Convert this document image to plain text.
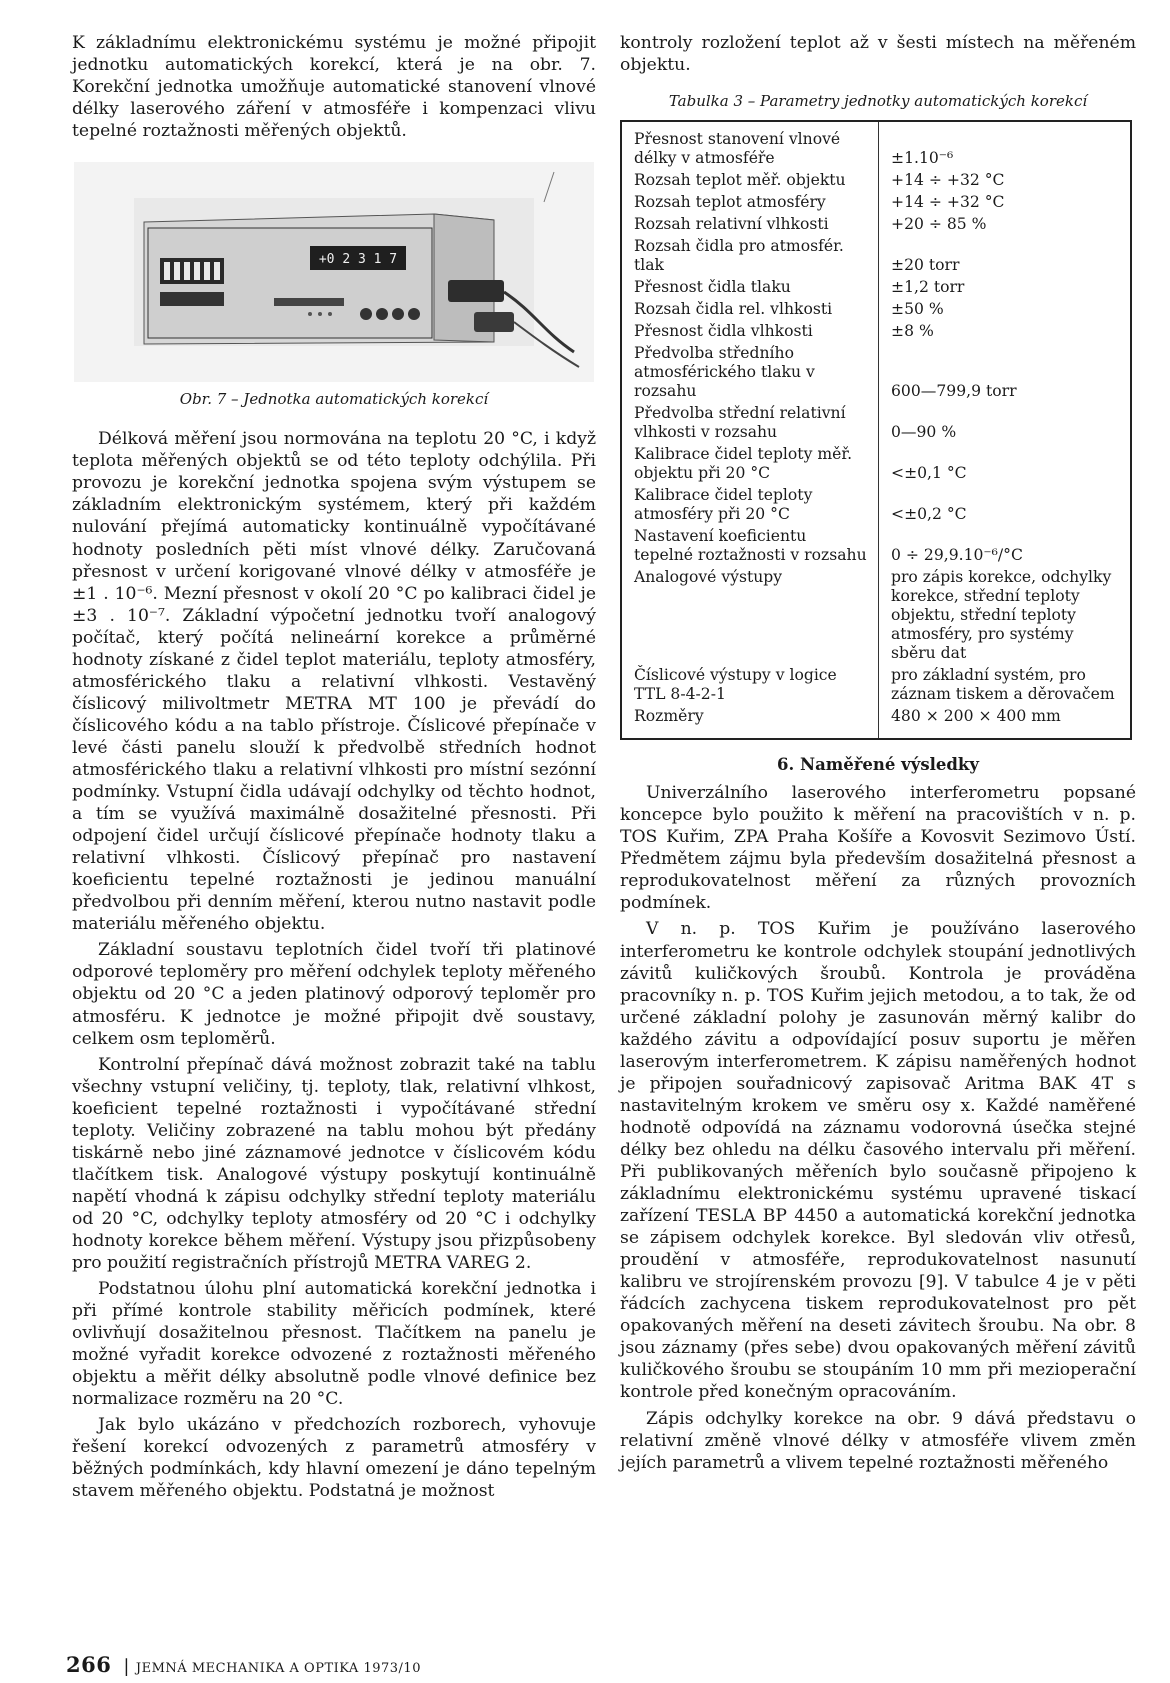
K základnímu elektronickému systému je možné připojit jednotku automatických korekcí, která je na obr. 7. Korekční jednotka umožňuje automatické stanovení vlnové délky laserového záření v atmosféře i kompenzaci vlivu tepelné roztažnosti měřených objektů.

+0 2 3 1 7
Obr. 7 – Jednotka automatických korekcí

Délková měření jsou normována na teplotu 20 °C, i když teplota měřených objektů se od této teploty odchýlila. Při provozu je korekční jednotka spojena svým výstupem se základním elektronickým systémem, který při každém nulování přejímá automaticky kontinuálně vypočítávané hodnoty posledních pěti míst vlnové délky. Zaručovaná přesnost v určení korigované vlnové délky v atmosféře je ±1 . 10⁻⁶. Mezní přesnost v okolí 20 °C po kalibraci čidel je ±3 . 10⁻⁷. Základní výpočetní jednotku tvoří analogový počítač, který počítá nelineární korekce a průměrné hodnoty získané z čidel teplot materiálu, teploty atmosféry, atmosférického tlaku a relativní vlhkosti. Vestavěný číslicový milivoltmetr METRA MT 100 je převádí do číslicového kódu a na tablo přístroje. Číslicové přepínače v levé části panelu slouží k předvolbě středních hodnot atmosférického tlaku a relativní vlhkosti pro místní sezónní podmínky. Vstupní čidla udávají odchylky od těchto hodnot, a tím se využívá maximálně dosažitelné přesnosti. Při odpojení čidel určují číslicové přepínače hodnoty tlaku a relativní vlhkosti. Číslicový přepínač pro nastavení koeficientu tepelné roztažnosti je jedinou manuální předvolbou při denním měření, kterou nutno nastavit podle materiálu měřeného objektu.

Základní soustavu teplotních čidel tvoří tři platinové odporové teploměry pro měření odchylek teploty měřeného objektu od 20 °C a jeden platinový odporový teploměr pro atmosféru. K jednotce je možné připojit dvě soustavy, celkem osm teploměrů.

Kontrolní přepínač dává možnost zobrazit také na tablu všechny vstupní veličiny, tj. teploty, tlak, relativní vlhkost, koeficient tepelné roztažnosti i vypočítávané střední teploty. Veličiny zobrazené na tablu mohou být předány tiskárně nebo jiné záznamové jednotce v číslicovém kódu tlačítkem tisk. Analogové výstupy poskytují kontinuálně napětí vhodná k zápisu odchylky střední teploty materiálu od 20 °C, odchylky teploty atmosféry od 20 °C i odchylky hodnoty korekce během měření. Výstupy jsou přizpůsobeny pro použití registračních přístrojů METRA VAREG 2.

Podstatnou úlohu plní automatická korekční jednotka i při přímé kontrole stability měřicích podmínek, které ovlivňují dosažitelnou přesnost. Tlačítkem na panelu je možné vyřadit korekce odvozené z roztažnosti měřeného objektu a měřit délky absolutně podle vlnové definice bez normalizace rozměru na 20 °C.

Jak bylo ukázáno v předchozích rozborech, vyhovuje řešení korekcí odvozených z parametrů atmosféry v běžných podmínkách, kdy hlavní omezení je dáno tepelným stavem měřeného objektu. Podstatná je možnost

kontroly rozložení teplot až v šesti místech na měřeném objektu.

Tabulka 3 – Parametry jednotky automatických korekcí
Přesnost stanovení vlnové délky v atmosféře	±1.10⁻⁶
Rozsah teplot měř. objektu	+14 ÷ +32 °C
Rozsah teplot atmosféry	+14 ÷ +32 °C
Rozsah relativní vlhkosti	+20 ÷ 85 %
Rozsah čidla pro atmosfér. tlak	±20 torr
Přesnost čidla tlaku	±1,2 torr
Rozsah čidla rel. vlhkosti	±50 %
Přesnost čidla vlhkosti	±8 %
Předvolba středního atmosférického tlaku v rozsahu	600—799,9 torr
Předvolba střední relativní vlhkosti v rozsahu	0—90 %
Kalibrace čidel teploty měř. objektu při 20 °C	<±0,1 °C
Kalibrace čidel teploty atmosféry při 20 °C	<±0,2 °C
Nastavení koeficientu tepelné roztažnosti v rozsahu	0 ÷ 29,9.10⁻⁶/°C
Analogové výstupy	pro zápis korekce, odchylky korekce, střední teploty objektu, střední teploty atmosféry, pro systémy sběru dat
Číslicové výstupy v logice TTL 8-4-2-1	pro základní systém, pro záznam tiskem a děrovačem
Rozměry	480 × 200 × 400 mm
6. Naměřené výsledky

Univerzálního laserového interferometru popsané koncepce bylo použito k měření na pracovištích v n. p. TOS Kuřim, ZPA Praha Košíře a Kovosvit Sezimovo Ústí. Předmětem zájmu byla především dosažitelná přesnost a reprodukovatelnost měření za různých provozních podmínek.

V n. p. TOS Kuřim je používáno laserového interferometru ke kontrole odchylek stoupání jednotlivých závitů kuličkových šroubů. Kontrola je prováděna pracovníky n. p. TOS Kuřim jejich metodou, a to tak, že od určené základní polohy je zasunován měrný kalibr do každého závitu a odpovídající posuv suportu je měřen laserovým interferometrem. K zápisu naměřených hodnot je připojen souřadnicový zapisovač Aritma BAK 4T s nastavitelným krokem ve směru osy x. Každé naměřené hodnotě odpovídá na záznamu vodorovná úsečka stejné délky bez ohledu na délku časového intervalu při měření. Při publikovaných měřeních bylo současně připojeno k základnímu elektronickému systému upravené tiskací zařízení TESLA BP 4450 a automatická korekční jednotka se zápisem odchylek korekce. Byl sledován vliv otřesů, proudění v atmosféře, reprodukovatelnost nasunutí kalibru ve strojírenském provozu [9]. V tabulce 4 je v pěti řádcích zachycena tiskem reprodukovatelnost pro pět opakovaných měření na deseti závitech šroubu. Na obr. 8 jsou záznamy (přes sebe) dvou opakovaných měření závitů kuličkového šroubu se stoupáním 10 mm při mezioperační kontrole před konečným opracováním.

Zápis odchylky korekce na obr. 9 dává představu o relativní změně vlnové délky v atmosféře vlivem změn jejích parametrů a vlivem tepelné roztažnosti měřeného

266 | JEMNÁ MECHANIKA A OPTIKA 1973/10
